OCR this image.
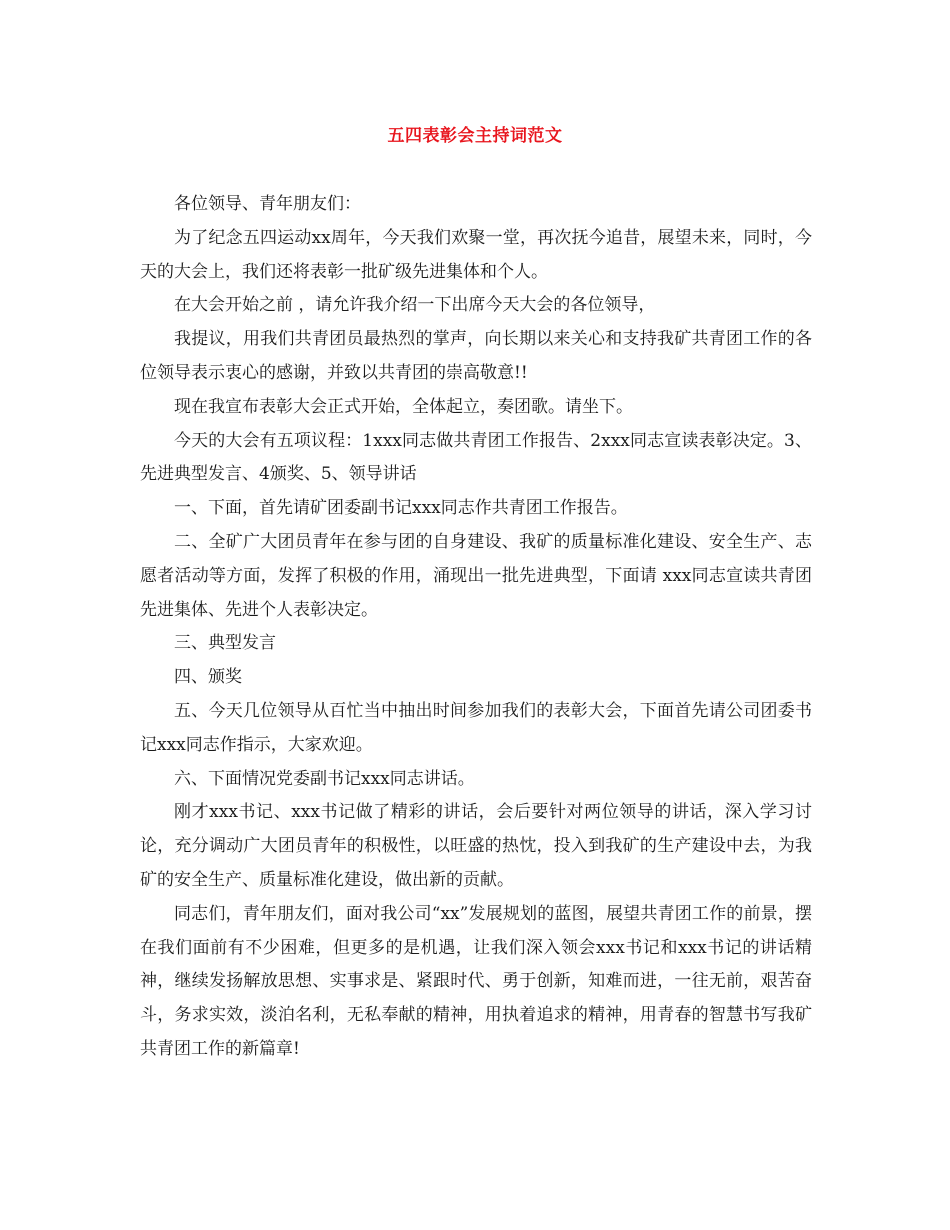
五四表彰会主持词范文

各位领导、青年朋友们：

为了纪念五四运动xx周年，今天我们欢聚一堂，再次抚今追昔，展望未来，同时，今天的大会上，我们还将表彰一批矿级先进集体和个人。

在大会开始之前 ，请允许我介绍一下出席今天大会的各位领导，

我提议，用我们共青团员最热烈的掌声，向长期以来关心和支持我矿共青团工作的各位领导表示衷心的感谢，并致以共青团的崇高敬意!!

现在我宣布表彰大会正式开始，全体起立，奏团歌。请坐下。

今天的大会有五项议程：1xxx同志做共青团工作报告、2xxx同志宣读表彰决定。3、先进典型发言、4颁奖、5、领导讲话

一、下面，首先请矿团委副书记xxx同志作共青团工作报告。

二、全矿广大团员青年在参与团的自身建设、我矿的质量标准化建设、安全生产、志愿者活动等方面，发挥了积极的作用，涌现出一批先进典型，下面请 xxx同志宣读共青团先进集体、先进个人表彰决定。

三、典型发言

四、颁奖

五、今天几位领导从百忙当中抽出时间参加我们的表彰大会，下面首先请公司团委书记xxx同志作指示，大家欢迎。

六、下面情况党委副书记xxx同志讲话。

刚才xxx书记、xxx书记做了精彩的讲话，会后要针对两位领导的讲话，深入学习讨论，充分调动广大团员青年的积极性，以旺盛的热忱，投入到我矿的生产建设中去，为我矿的安全生产、质量标准化建设，做出新的贡献。

同志们，青年朋友们，面对我公司“xx”发展规划的蓝图，展望共青团工作的前景，摆在我们面前有不少困难，但更多的是机遇，让我们深入领会xxx书记和xxx书记的讲话精神，继续发扬解放思想、实事求是、紧跟时代、勇于创新，知难而进，一往无前，艰苦奋斗，务求实效，淡泊名利，无私奉献的精神，用执着追求的精神，用青春的智慧书写我矿共青团工作的新篇章!
